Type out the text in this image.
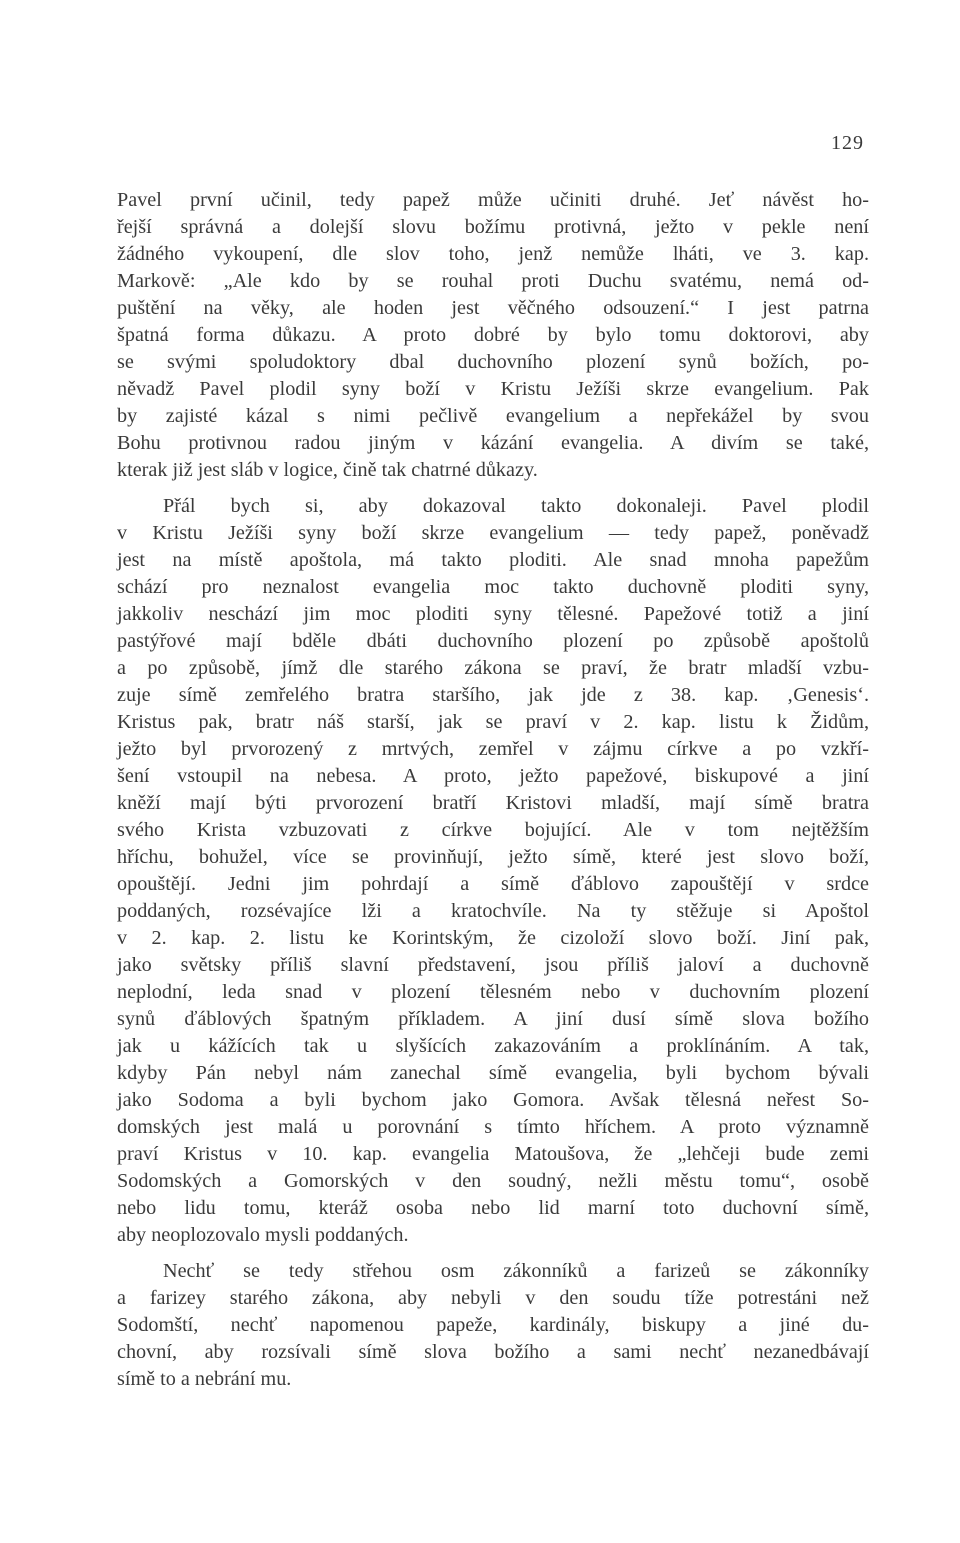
129
Pavel první učinil, tedy papež může učiniti druhé. Jeť návěst ho-
řejší správná a dolejší slovu božímu protivná, ježto v pekle není
žádného vykoupení, dle slov toho, jenž nemůže lháti, ve 3. kap.
Markově: „Ale kdo by se rouhal proti Duchu svatému, nemá od-
puštění na věky, ale hoden jest věčného odsouzení.“ I jest patrna
špatná forma důkazu. A proto dobré by bylo tomu doktorovi, aby
se svými spoludoktory dbal duchovního plození synů božích, po-
něvadž Pavel plodil syny boží v Kristu Ježíši skrze evangelium. Pak
by zajisté kázal s nimi pečlivě evangelium a nepřekážel by svou
Bohu protivnou radou jiným v kázání evangelia. A divím se také,
kterak již jest sláb v logice, čině tak chatrné důkazy.
Přál bych si, aby dokazoval takto dokonaleji. Pavel plodil
v Kristu Ježíši syny boží skrze evangelium — tedy papež, poněvadž
jest na místě apoštola, má takto ploditi. Ale snad mnoha papežům
schází pro neznalost evangelia moc takto duchovně ploditi syny,
jakkoliv neschází jim moc ploditi syny tělesné. Papežové totiž a jiní
pastýřové mají bděle dbáti duchovního plození po způsobě apoštolů
a po způsobě, jímž dle starého zákona se praví, že bratr mladší vzbu-
zuje símě zemřelého bratra staršího, jak jde z 38. kap. ‚Genesis‘.
Kristus pak, bratr náš starší, jak se praví v 2. kap. listu k Židům,
ježto byl prvorozený z mrtvých, zemřel v zájmu církve a po vzkří-
šení vstoupil na nebesa. A proto, ježto papežové, biskupové a jiní
kněží mají býti prvorození bratří Kristovi mladší, mají símě bratra
svého Krista vzbuzovati z církve bojující. Ale v tom nejtěžším
hříchu, bohužel, více se provinňují, ježto símě, které jest slovo boží,
opouštějí. Jedni jim pohrdají a símě ďáblovo zapouštějí v srdce
poddaných, rozsévajíce lži a kratochvíle. Na ty stěžuje si Apoštol
v 2. kap. 2. listu ke Korintským, že cizoloží slovo boží. Jiní pak,
jako světsky příliš slavní představení, jsou příliš jaloví a duchovně
neplodní, leda snad v plození tělesném nebo v duchovním plození
synů ďáblových špatným příkladem. A jiní dusí símě slova božího
jak u kážících tak u slyšících zakazováním a proklínáním. A tak,
kdyby Pán nebyl nám zanechal símě evangelia, byli bychom bývali
jako Sodoma a byli bychom jako Gomora. Avšak tělesná neřest So-
domských jest malá u porovnání s tímto hříchem. A proto významně
praví Kristus v 10. kap. evangelia Matoušova, že „lehčeji bude zemi
Sodomských a Gomorských v den soudný, nežli městu tomu“, osobě
nebo lidu tomu, kteráž osoba nebo lid marní toto duchovní símě,
aby neoplozovalo mysli poddaných.
Nechť se tedy střehou osm zákonníků a farizeů se zákonníky
a farizey starého zákona, aby nebyli v den soudu tíže potrestáni než
Sodomští, nechť napomenou papeže, kardinály, biskupy a jiné du-
chovní, aby rozsívali símě slova božího a sami nechť nezanedbávají
símě to a nebrání mu.
